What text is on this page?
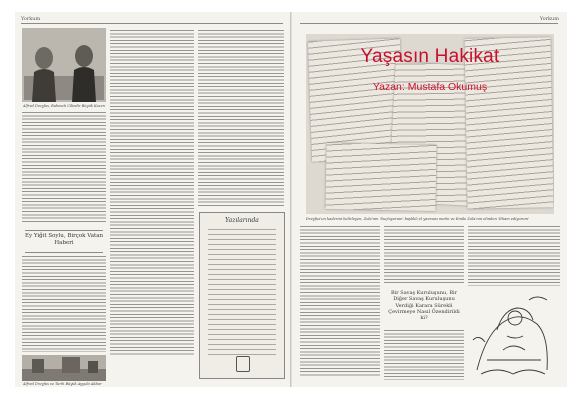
Yorkum
Alfred Dreyfus, Rahmeti Cilindir Büyük Kuzen
Ey Yiğit Soylu, Birçok Vatan Haberi
Alfred Dreyfus ve Tarih Büyük Ayyubi Akbar
Yazılarında
Yorkum
Yaşasın Hakikat
Yazan: Mustafa Okumuş
Dreyfus'un kaderini belirleyen, Zola'nın 'Suçluyorum' başlıklı el yazması metin ve Emile Zola'nın elinden 'İtham ediyorum'
Bir Savaş Kuruluşunu, Bir Diğer Savaş Kuruluşunu Verdiği Karara Sürekli Çevirmeye Nasıl Özendirildi ki?
